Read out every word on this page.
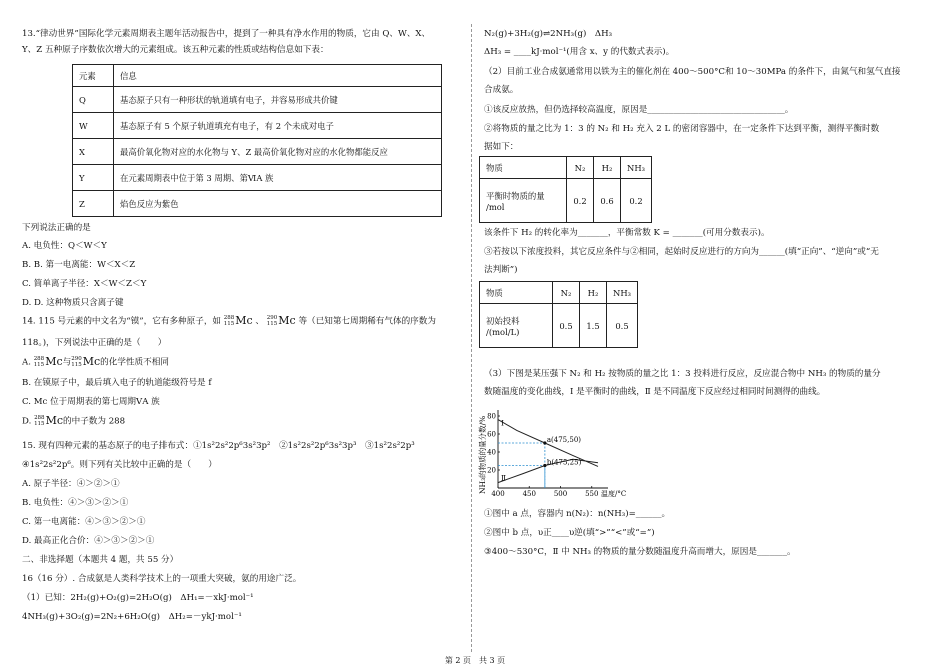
13.“律动世界”国际化学元素周期表主题年活动报告中，提到了一种具有净水作用的物质，它由 Q、W、X、
Y、Z 五种原子序数依次增大的元素组成。该五种元素的性质或结构信息如下表：
元素	信息
Q	基态原子只有一种形状的轨道填有电子，并容易形成共价键
W	基态原子有 5 个原子轨道填充有电子，有 2 个未成对电子
X	最高价氧化物对应的水化物与 Y、Z 最高价氧化物对应的水化物都能反应
Y	在元素周期表中位于第 3 周期、第ⅥA 族
Z	焰色反应为紫色
下列说法正确的是
A. 电负性：Q＜W＜Y
B. B. 第一电离能：W＜X＜Z
C. 简单离子半径：X＜W＜Z＜Y
D. D. 这种物质只含离子键
14. 115 号元素的中文名为“镆”，它有多种原子，如 288
115 Mc 、 290
115 Mc 等（已知第七周期稀有气体的序数为
118。)，下列说法中正确的是（　　）
A. 288
115 Mc 与 290
115 Mc 的化学性质不相同
B. 在镆原子中，最后填入电子的轨道能级符号是 f
C. Mc 位于周期表的第七周期ⅤA 族
D. 288
115 Mc 的中子数为 288
15. 现有四种元素的基态原子的电子排布式：①1s²2s²2p⁶3s²3p²　②1s²2s²2p⁶3s²3p³　③1s²2s²2p³
④1s²2s²2p⁶。则下列有关比较中正确的是（　　）
A. 原子半径：④＞②＞①
B. 电负性：④＞③＞②＞①
C. 第一电离能：④＞③＞②＞①
D. 最高正化合价：④＞③＞②＞①
二、非选择题（本题共 4 题，共 55 分）
16（16 分）. 合成氨是人类科学技术上的一项重大突破，氨的用途广泛。
（1）已知：2H₂(g)+O₂(g)=2H₂O(g)　ΔH₁=－xkJ·mol⁻¹
4NH₃(g)+3O₂(g)=2N₂+6H₂O(g)　ΔH₂=－ykJ·mol⁻¹
N₂(g)+3H₂(g)⇌2NH₃(g)　ΔH₃
ΔH₃ = ____kJ·mol⁻¹(用含 x、y 的代数式表示)。
（2）目前工业合成氨通常用以铁为主的催化剂在 400～500°C和 10～30MPa 的条件下，由氮气和氢气直接
合成氨。
①该反应放热，但仍选择较高温度，原因是________________________________。
②将物质的量之比为 1：3 的 N₂ 和 H₂ 充入 2 L 的密闭容器中，在一定条件下达到平衡，测得平衡时数
据如下：
物质	N₂	H₂	NH₃

平衡时物质的量
/mol	0.2	0.6	0.2
该条件下 H₂ 的转化率为_______，平衡常数 K = _______(可用分数表示)。
③若按以下浓度投料，其它反应条件与②相同，起始时反应进行的方向为______(填“正向”、“逆向”或“无
法判断”)
物质	N₂	H₂	NH₃

初始投料
/(mol/L)	0.5	1.5	0.5
（3）下图是某压强下 N₂ 和 H₂ 按物质的量之比 1：3 投料进行反应，反应混合物中 NH₃ 的物质的量分
数随温度的变化曲线，Ⅰ 是平衡时的曲线，Ⅱ 是不同温度下反应经过相同时间测得的曲线。
NH₃的物质的量分数/% 400	450	500	550 温度/°C
20
40
60
80
Ⅰ
Ⅱ
a(475,50)
b(475,25)
①图中 a 点，容器内 n(N₂)：n(NH₃)=______。
②图中 b 点，υ正____υ逆(填“>”“<”或“=”)
③400～530°C，Ⅱ 中 NH₃ 的物质的量分数随温度升高而增大，原因是_______。
第 2 页　共 3 页
